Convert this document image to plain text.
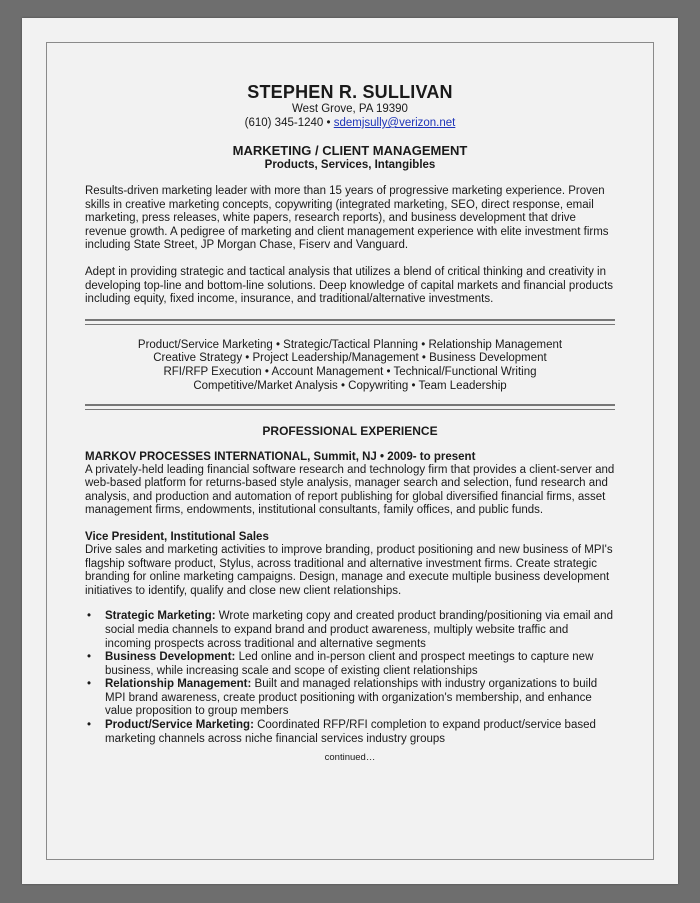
STEPHEN R. SULLIVAN
West Grove, PA 19390
(610) 345-1240 • sdemjsully@verizon.net
MARKETING / CLIENT MANAGEMENT
Products, Services, Intangibles

Results-driven marketing leader with more than 15 years of progressive marketing experience. Proven skills in creative marketing concepts, copywriting (integrated marketing, SEO, direct response, email marketing, press releases, white papers, research reports), and business development that drive revenue growth. A pedigree of marketing and client management experience with elite investment firms including State Street, JP Morgan Chase, Fiserv and Vanguard.

Adept in providing strategic and tactical analysis that utilizes a blend of critical thinking and creativity in developing top-line and bottom-line solutions. Deep knowledge of capital markets and financial products including equity, fixed income, insurance, and traditional/alternative investments.

Product/Service Marketing • Strategic/Tactical Planning • Relationship Management
Creative Strategy • Project Leadership/Management • Business Development
RFI/RFP Execution • Account Management • Technical/Functional Writing
Competitive/Market Analysis • Copywriting • Team Leadership
PROFESSIONAL EXPERIENCE
MARKOV PROCESSES INTERNATIONAL, Summit, NJ • 2009- to present

A privately-held leading financial software research and technology firm that provides a client-server and web-based platform for returns-based style analysis, manager search and selection, fund research and analysis, and production and automation of report publishing for global diversified financial firms, asset management firms, endowments, institutional consultants, family offices, and public funds.

Vice President, Institutional Sales

Drive sales and marketing activities to improve branding, product positioning and new business of MPI's flagship software product, Stylus, across traditional and alternative investment firms. Create strategic branding for online marketing campaigns. Design, manage and execute multiple business development initiatives to identify, qualify and close new client relationships.

• Strategic Marketing: Wrote marketing copy and created product branding/positioning via email and social media channels to expand brand and product awareness, multiply website traffic and incoming prospects across traditional and alternative segments
• Business Development: Led online and in-person client and prospect meetings to capture new business, while increasing scale and scope of existing client relationships
• Relationship Management: Built and managed relationships with industry organizations to build MPI brand awareness, create product positioning with organization's membership, and enhance value proposition to group members
• Product/Service Marketing: Coordinated RFP/RFI completion to expand product/service based marketing channels across niche financial services industry groups
continued…
